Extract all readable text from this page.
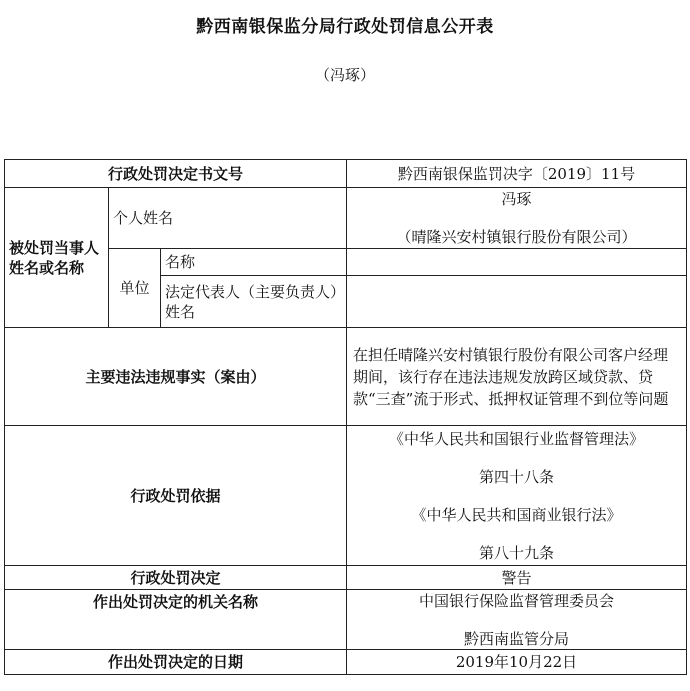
黔西南银保监分局行政处罚信息公开表
（冯琢）
行政处罚决定书文号			黔西南银保监罚决字〔2019〕11号
被处罚当事人姓名或名称	个人姓名		冯琢

（晴隆兴安村镇银行股份有限公司）

	单位	名称	
		法定代表人（主要负责人）姓名	
主要违法违规事实（案由）			在担任晴隆兴安村镇银行股份有限公司客户经理期间，该行存在违法违规发放跨区域贷款、贷款“三查”流于形式、抵押权证管理不到位等问题
行政处罚依据			《中华人民共和国银行业监督管理法》

第四十八条

《中华人民共和国商业银行法》

第八十九条

行政处罚决定			警告
作出处罚决定的机关名称			中国银行保险监督管理委员会

黔西南监管分局

作出处罚决定的日期			2019年10月22日
